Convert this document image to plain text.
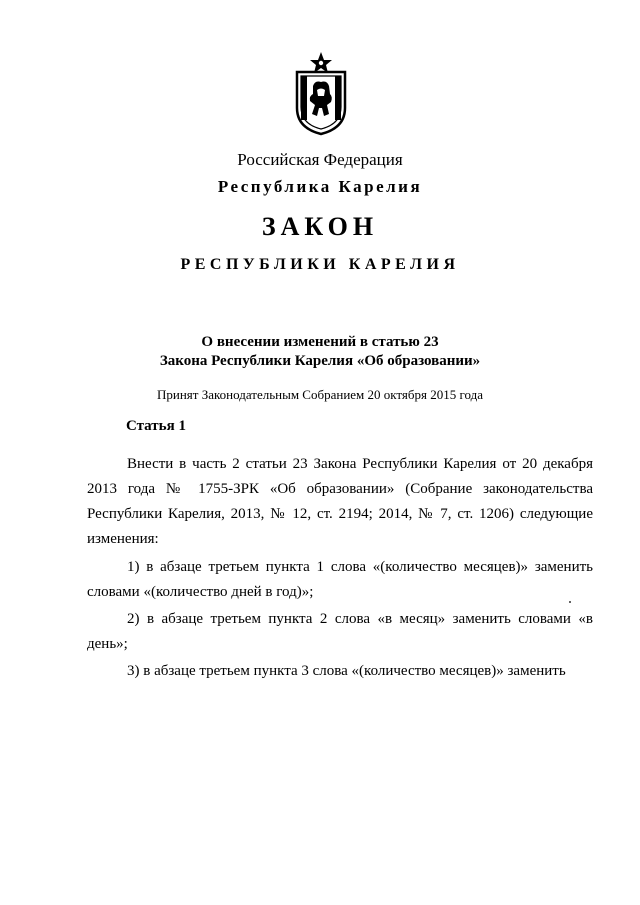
Российская Федерация
Республика Карелия
ЗАКОН
РЕСПУБЛИКИ КАРЕЛИЯ
О внесении изменений в статью 23
Закона Республики Карелия «Об образовании»
Принят Законодательным Собранием 20 октября 2015 года
Статья 1
Внести в часть 2 статьи 23 Закона Республики Карелия от 20 декабря 2013 года № 1755-ЗРК «Об образовании» (Собрание законодательства Республики Карелия, 2013, № 12, ст. 2194; 2014, № 7, ст. 1206) следующие изменения:
1) в абзаце третьем пункта 1 слова «(количество месяцев)» заменить словами «(количество дней в год)»;
2) в абзаце третьем пункта 2 слова «в месяц» заменить словами «в день»;
3) в абзаце третьем пункта 3 слова «(количество месяцев)» заменить
